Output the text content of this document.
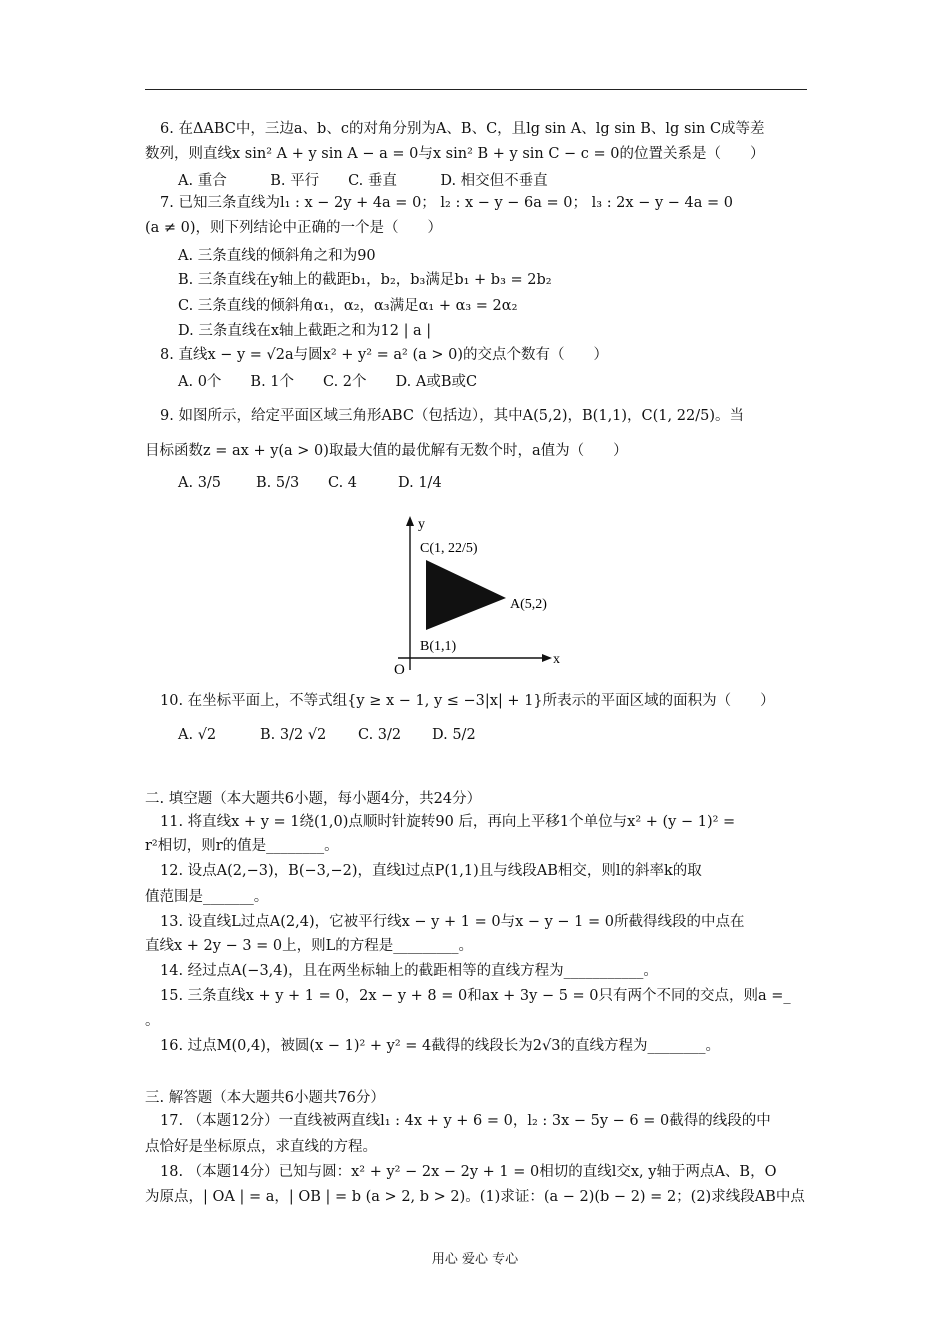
6. 在ΔABC中，三边a、b、c的对角分别为A、B、C，且lg sin A、lg sin B、lg sin C成等差
数列，则直线x sin² A + y sin A − a = 0与x sin² B + y sin C − c = 0的位置关系是（　　）
A. 重合　　　B. 平行　　C. 垂直　　　D. 相交但不垂直
7. 已知三条直线为l₁ : x − 2y + 4a = 0； l₂ : x − y − 6a = 0； l₃ : 2x − y − 4a = 0
(a ≠ 0)，则下列结论中正确的一个是（　　）
A. 三条直线的倾斜角之和为90
B. 三条直线在y轴上的截距b₁，b₂，b₃满足b₁ + b₃ = 2b₂
C. 三条直线的倾斜角α₁，α₂，α₃满足α₁ + α₃ = 2α₂
D. 三条直线在x轴上截距之和为12 | a |
8. 直线x − y = √2a与圆x² + y² = a² (a > 0)的交点个数有（　　）
A. 0个　　B. 1个　　C. 2个　　D. A或B或C
9. 如图所示，给定平面区域三角形ABC（包括边），其中A(5,2)，B(1,1)，C(1, 22/5)。当
目标函数z = ax + y(a > 0)取最大值的最优解有无数个时，a值为（　　）
A. 3/5 B. 5/3 C. 4	D. 1/4
y
x
O
A(5,2)
B(1,1)
C(1, 22/5)
10. 在坐标平面上，不等式组{y ≥ x − 1, y ≤ −3|x| + 1}所表示的平面区域的面积为（　　）
A. √2	B. 3/2 √2 C. 3/2 D. 5/2
二. 填空题（本大题共6小题，每小题4分，共24分）
11. 将直线x + y = 1绕(1,0)点顺时针旋转90 后，再向上平移1个单位与x² + (y − 1)² =
r²相切，则r的值是________。
12. 设点A(2,−3)，B(−3,−2)，直线l过点P(1,1)且与线段AB相交，则l的斜率k的取
值范围是_______。
13. 设直线L过点A(2,4)，它被平行线x − y + 1 = 0与x − y − 1 = 0所截得线段的中点在
直线x + 2y − 3 = 0上，则L的方程是_________。
14. 经过点A(−3,4)，且在两坐标轴上的截距相等的直线方程为___________。
15. 三条直线x + y + 1 = 0，2x − y + 8 = 0和ax + 3y − 5 = 0只有两个不同的交点，则a =_
。
16. 过点M(0,4)，被圆(x − 1)² + y² = 4截得的线段长为2√3的直线方程为________。
三. 解答题（本大题共6小题共76分）
17. （本题12分）一直线被两直线l₁ : 4x + y + 6 = 0，l₂ : 3x − 5y − 6 = 0截得的线段的中
点恰好是坐标原点，求直线的方程。
18. （本题14分）已知与圆：x² + y² − 2x − 2y + 1 = 0相切的直线l交x, y轴于两点A、B，O
为原点，| OA | = a，| OB | = b (a > 2, b > 2)。(1)求证：(a − 2)(b − 2) = 2；(2)求线段AB中点
用心 爱心 专心
